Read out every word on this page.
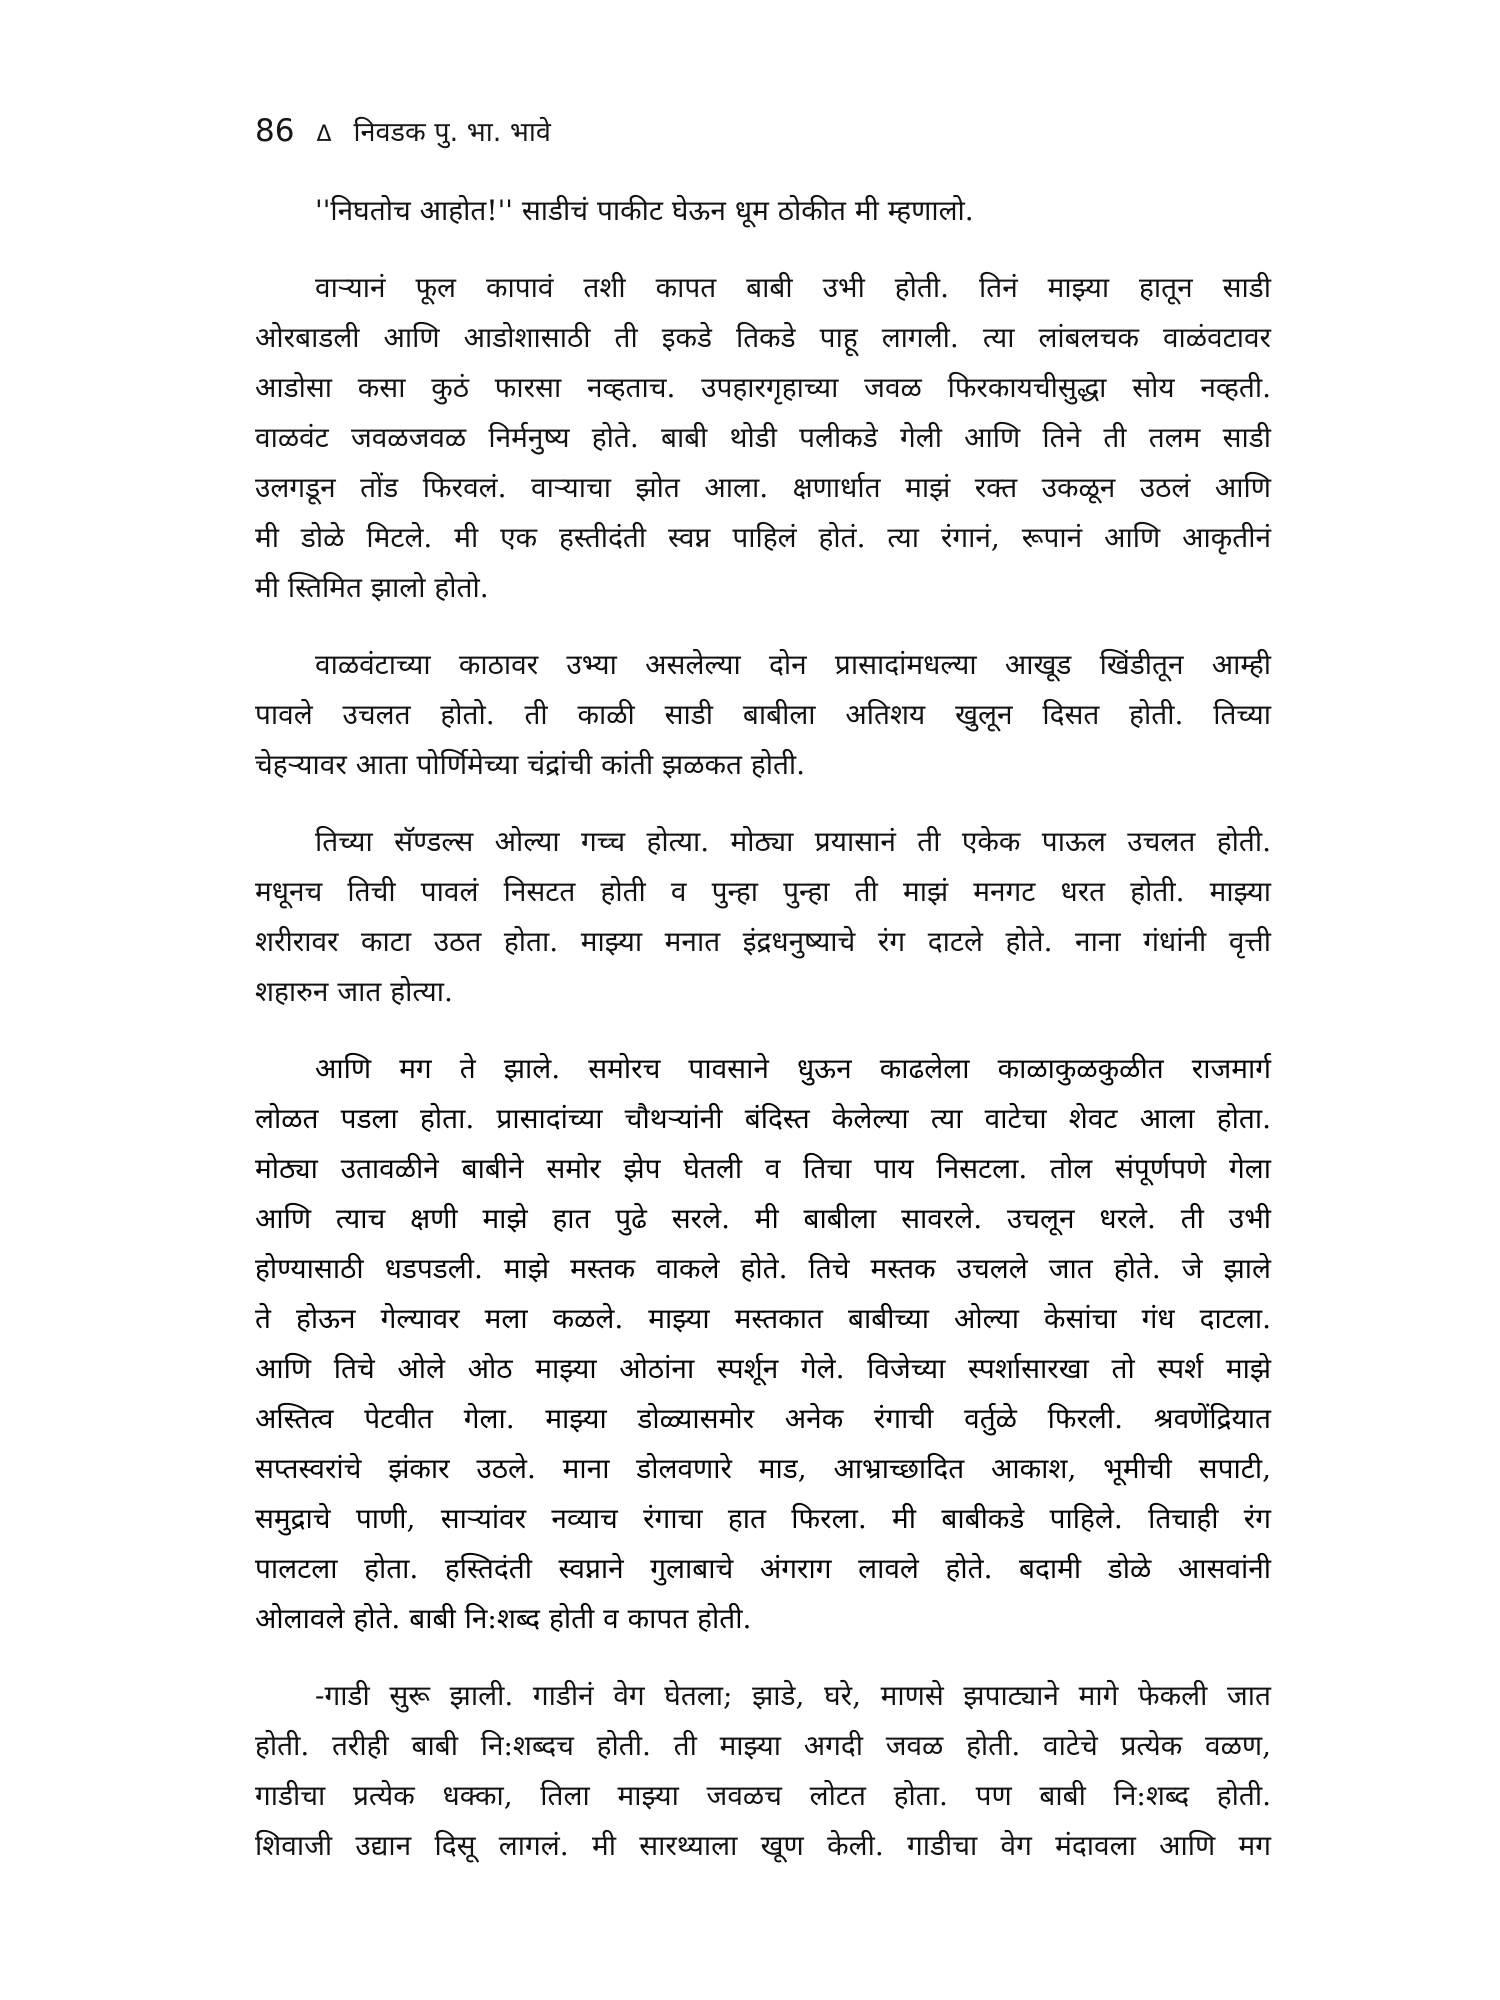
86 Δ निवडक पु. भा. भावे
''निघतोच आहोत!'' साडीचं पाकीट घेऊन धूम ठोकीत मी म्हणालो.
वाऱ्यानं फूल कापावं तशी कापत बाबी उभी होती. तिनं माझ्या हातून साडी
ओरबाडली आणि आडोशासाठी ती इकडे तिकडे पाहू लागली. त्या लांबलचक वाळंवटावर
आडोसा कसा कुठं फारसा नव्हताच. उपहारगृहाच्या जवळ फिरकायचीसुद्धा सोय नव्हती.
वाळवंट जवळजवळ निर्मनुष्य होते. बाबी थोडी पलीकडे गेली आणि तिने ती तलम साडी
उलगडून तोंड फिरवलं. वाऱ्याचा झोत आला. क्षणार्धात माझं रक्त उकळून उठलं आणि
मी डोळे मिटले. मी एक हस्तीदंती स्वप्न पाहिलं होतं. त्या रंगानं, रूपानं आणि आकृतीनं
मी स्तिमित झालो होतो.
वाळवंटाच्या काठावर उभ्या असलेल्या दोन प्रासादांमधल्या आखूड खिंडीतून आम्ही
पावले उचलत होतो. ती काळी साडी बाबीला अतिशय खुलून दिसत होती. तिच्या
चेहऱ्यावर आता पोर्णिमेच्या चंद्रांची कांती झळकत होती.
तिच्या सॅण्डल्स ओल्या गच्च होत्या. मोठ्या प्रयासानं ती एकेक पाऊल उचलत होती.
मधूनच तिची पावलं निसटत होती व पुन्हा पुन्हा ती माझं मनगट धरत होती. माझ्या
शरीरावर काटा उठत होता. माझ्या मनात इंद्रधनुष्याचे रंग दाटले होते. नाना गंधांनी वृत्ती
शहारुन जात होत्या.
आणि मग ते झाले. समोरच पावसाने धुऊन काढलेला काळाकुळकुळीत राजमार्ग
लोळत पडला होता. प्रासादांच्या चौथऱ्यांनी बंदिस्त केलेल्या त्या वाटेचा शेवट आला होता.
मोठ्या उतावळीने बाबीने समोर झेप घेतली व तिचा पाय निसटला. तोल संपूर्णपणे गेला
आणि त्याच क्षणी माझे हात पुढे सरले. मी बाबीला सावरले. उचलून धरले. ती उभी
होण्यासाठी धडपडली. माझे मस्तक वाकले होते. तिचे मस्तक उचलले जात होते. जे झाले
ते होऊन गेल्यावर मला कळले. माझ्या मस्तकात बाबीच्या ओल्या केसांचा गंध दाटला.
आणि तिचे ओले ओठ माझ्या ओठांना स्पर्शून गेले. विजेच्या स्पर्शासारखा तो स्पर्श माझे
अस्तित्व पेटवीत गेला. माझ्या डोळ्यासमोर अनेक रंगाची वर्तुळे फिरली. श्रवणेंद्रियात
सप्तस्वरांचे झंकार उठले. माना डोलवणारे माड, आभ्राच्छादित आकाश, भूमीची सपाटी,
समुद्राचे पाणी, साऱ्यांवर नव्याच रंगाचा हात फिरला. मी बाबीकडे पाहिले. तिचाही रंग
पालटला होता. हस्तिदंती स्वप्नाने गुलाबाचे अंगराग लावले होते. बदामी डोळे आसवांनी
ओलावले होते. बाबी नि:शब्द होती व कापत होती.
-गाडी सुरू झाली. गाडीनं वेग घेतला; झाडे, घरे, माणसे झपाट्याने मागे फेकली जात
होती. तरीही बाबी नि:शब्दच होती. ती माझ्या अगदी जवळ होती. वाटेचे प्रत्येक वळण,
गाडीचा प्रत्येक धक्का, तिला माझ्या जवळच लोटत होता. पण बाबी नि:शब्द होती.
शिवाजी उद्यान दिसू लागलं. मी सारथ्याला खूण केली. गाडीचा वेग मंदावला आणि मग
